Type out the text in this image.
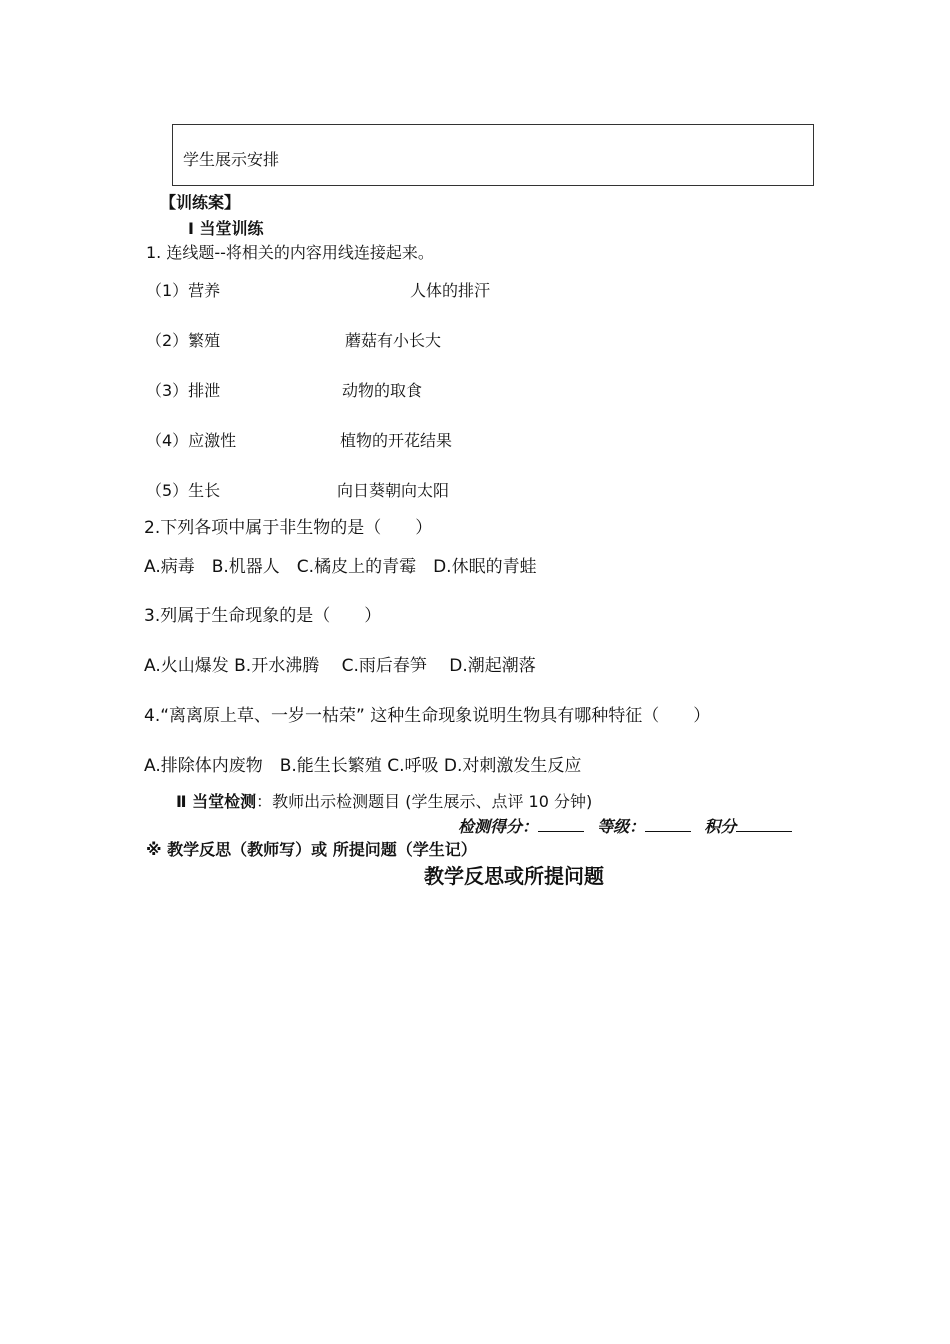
学生展示安排
【训练案】
Ⅰ 当堂训练
1. 连线题--将相关的内容用线连接起来。
（1）营养	人体的排汗
（2）繁殖	蘑菇有小长大
（3）排泄	动物的取食
（4）应激性	植物的开花结果
（5）生长	向日葵朝向太阳
2.下列各项中属于非生物的是（　　）
A.病毒　B.机器人　C.橘皮上的青霉　D.休眠的青蛙
3.列属于生命现象的是（　　）
A.火山爆发 B.开水沸腾　 C.雨后春笋　 D.潮起潮落
4.“离离原上草、一岁一枯荣” 这种生命现象说明生物具有哪种特征（　　）
A.排除体内废物　B.能生长繁殖 C.呼吸 D.对刺激发生反应
Ⅱ 当堂检测：教师出示检测题目 (学生展示、点评 10 分钟)
检测得分：	等级：	积分
※ 教学反思（教师写）或 所提问题（学生记）
教学反思或所提问题
